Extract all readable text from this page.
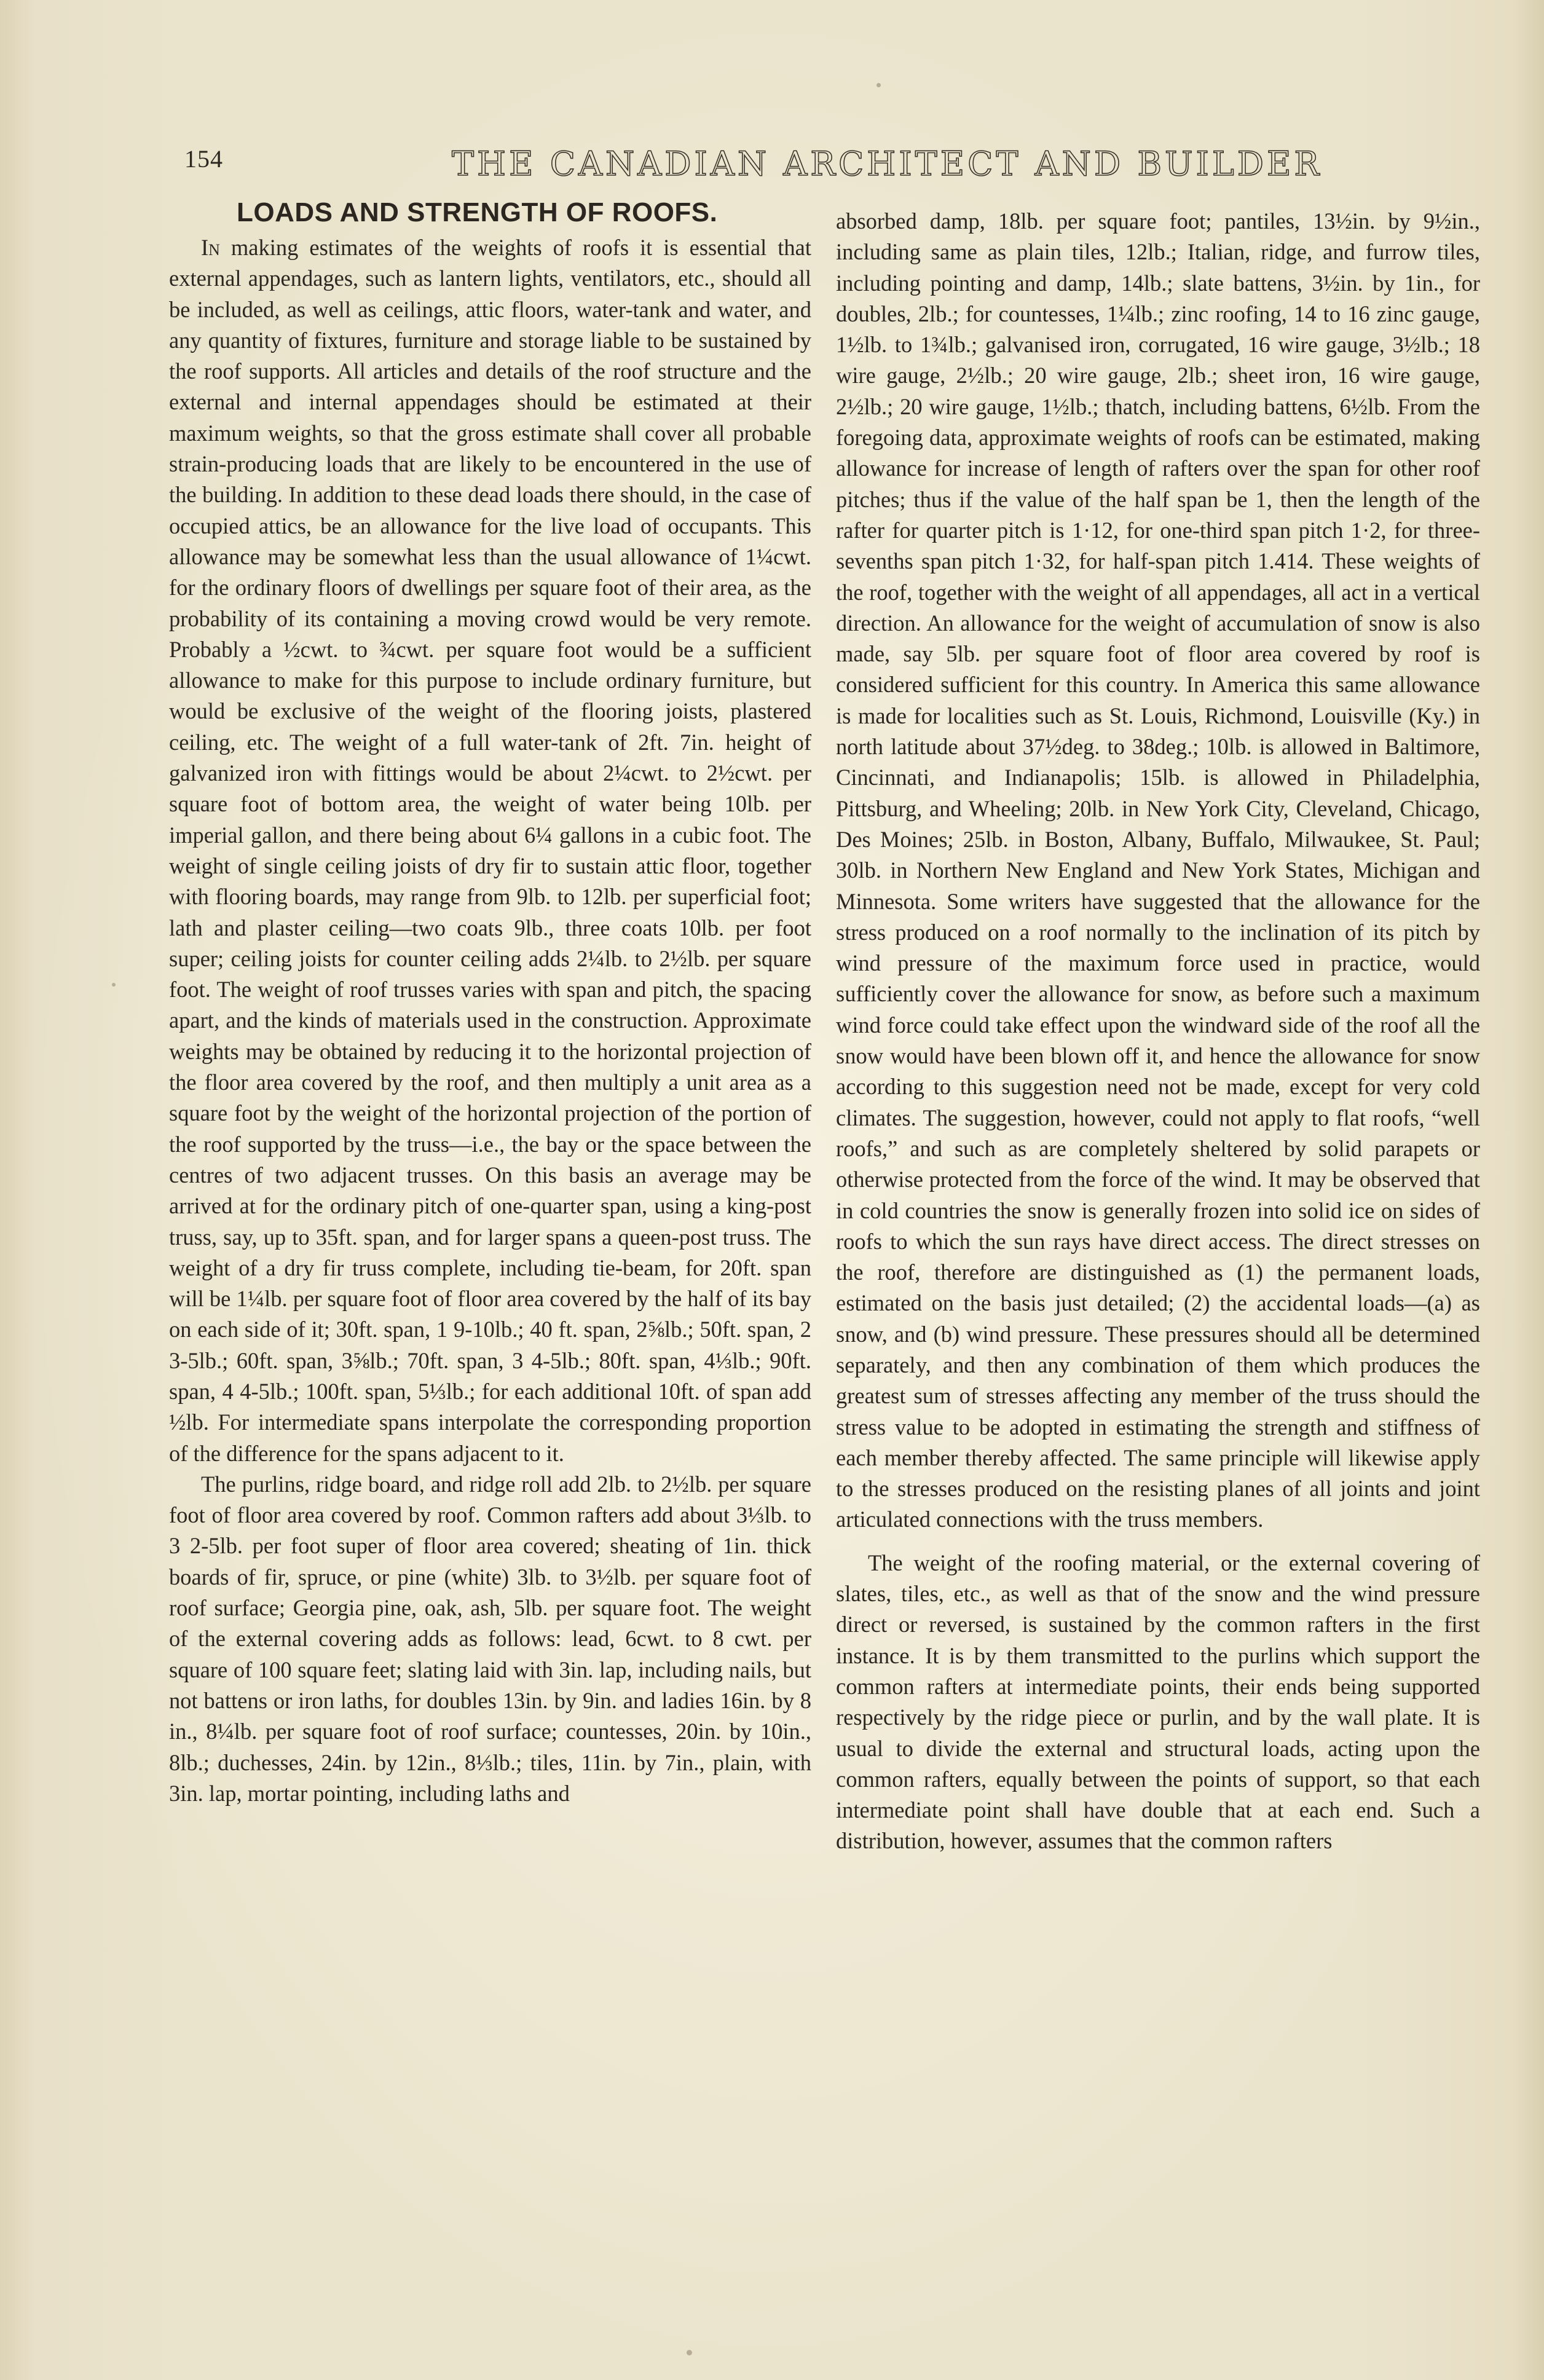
154	THE CANADIAN ARCHITECT AND BUILDER
LOADS AND STRENGTH OF ROOFS.

In making estimates of the weights of roofs it is essential that external appendages, such as lantern lights, ventilators, etc., should all be included, as well as ceilings, attic floors, water-tank and water, and any quantity of fixtures, furniture and storage liable to be sustained by the roof supports. All articles and details of the roof structure and the external and internal appendages should be estimated at their maximum weights, so that the gross estimate shall cover all probable strain-producing loads that are likely to be encountered in the use of the building. In addition to these dead loads there should, in the case of occupied attics, be an allowance for the live load of occupants. This allowance may be somewhat less than the usual allowance of 1¼cwt. for the ordinary floors of dwellings per square foot of their area, as the probability of its containing a moving crowd would be very remote. Probably a ½cwt. to ¾cwt. per square foot would be a sufficient allowance to make for this purpose to include ordinary furniture, but would be exclusive of the weight of the flooring joists, plastered ceiling, etc. The weight of a full water-tank of 2ft. 7in. height of galvanized iron with fittings would be about 2¼cwt. to 2½cwt. per square foot of bottom area, the weight of water being 10lb. per imperial gallon, and there being about 6¼ gallons in a cubic foot. The weight of single ceiling joists of dry fir to sustain attic floor, together with flooring boards, may range from 9lb. to 12lb. per superficial foot; lath and plaster ceiling—two coats 9lb., three coats 10lb. per foot super; ceiling joists for counter ceiling adds 2¼lb. to 2½lb. per square foot. The weight of roof trusses varies with span and pitch, the spacing apart, and the kinds of materials used in the construction. Approximate weights may be obtained by reducing it to the horizontal projection of the floor area covered by the roof, and then multiply a unit area as a square foot by the weight of the horizontal projection of the portion of the roof supported by the truss—i.e., the bay or the space between the centres of two adjacent trusses. On this basis an average may be arrived at for the ordinary pitch of one-quarter span, using a king-post truss, say, up to 35ft. span, and for larger spans a queen-post truss. The weight of a dry fir truss complete, including tie-beam, for 20ft. span will be 1¼lb. per square foot of floor area covered by the half of its bay on each side of it; 30ft. span, 1 9-10lb.; 40 ft. span, 2⅝lb.; 50ft. span, 2 3-5lb.; 60ft. span, 3⅝lb.; 70ft. span, 3 4-5lb.; 80ft. span, 4⅓lb.; 90ft. span, 4 4-5lb.; 100ft. span, 5⅓lb.; for each additional 10ft. of span add ½lb. For intermediate spans interpolate the corresponding proportion of the difference for the spans adjacent to it.

The purlins, ridge board, and ridge roll add 2lb. to 2½lb. per square foot of floor area covered by roof. Common rafters add about 3⅓lb. to 3 2-5lb. per foot super of floor area covered; sheating of 1in. thick boards of fir, spruce, or pine (white) 3lb. to 3½lb. per square foot of roof surface; Georgia pine, oak, ash, 5lb. per square foot. The weight of the external covering adds as follows: lead, 6cwt. to 8 cwt. per square of 100 square feet; slating laid with 3in. lap, including nails, but not battens or iron laths, for doubles 13in. by 9in. and ladies 16in. by 8 in., 8¼lb. per square foot of roof surface; countesses, 20in. by 10in., 8lb.; duchesses, 24in. by 12in., 8⅓lb.; tiles, 11in. by 7in., plain, with 3in. lap, mortar pointing, including laths and

absorbed damp, 18lb. per square foot; pantiles, 13½in. by 9½in., including same as plain tiles, 12lb.; Italian, ridge, and furrow tiles, including pointing and damp, 14lb.; slate battens, 3½in. by 1in., for doubles, 2lb.; for countesses, 1¼lb.; zinc roofing, 14 to 16 zinc gauge, 1½lb. to 1¾lb.; galvanised iron, corrugated, 16 wire gauge, 3½lb.; 18 wire gauge, 2½lb.; 20 wire gauge, 2lb.; sheet iron, 16 wire gauge, 2½lb.; 20 wire gauge, 1½lb.; thatch, including battens, 6½lb. From the foregoing data, approximate weights of roofs can be estimated, making allowance for increase of length of rafters over the span for other roof pitches; thus if the value of the half span be 1, then the length of the rafter for quarter pitch is 1·12, for one-third span pitch 1·2, for three-sevenths span pitch 1·32, for half-span pitch 1.414. These weights of the roof, together with the weight of all appendages, all act in a vertical direction. An allowance for the weight of accumulation of snow is also made, say 5lb. per square foot of floor area covered by roof is considered sufficient for this country. In America this same allowance is made for localities such as St. Louis, Richmond, Louisville (Ky.) in north latitude about 37½deg. to 38deg.; 10lb. is allowed in Baltimore, Cincinnati, and Indianapolis; 15lb. is allowed in Philadelphia, Pittsburg, and Wheeling; 20lb. in New York City, Cleveland, Chicago, Des Moines; 25lb. in Boston, Albany, Buffalo, Milwaukee, St. Paul; 30lb. in Northern New England and New York States, Michigan and Minnesota. Some writers have suggested that the allowance for the stress produced on a roof normally to the inclination of its pitch by wind pressure of the maximum force used in practice, would sufficiently cover the allowance for snow, as before such a maximum wind force could take effect upon the windward side of the roof all the snow would have been blown off it, and hence the allowance for snow according to this suggestion need not be made, except for very cold climates. The suggestion, however, could not apply to flat roofs, “well roofs,” and such as are completely sheltered by solid parapets or otherwise protected from the force of the wind. It may be observed that in cold countries the snow is generally frozen into solid ice on sides of roofs to which the sun rays have direct access. The direct stresses on the roof, therefore are distinguished as (1) the permanent loads, estimated on the basis just detailed; (2) the accidental loads—(a) as snow, and (b) wind pressure. These pressures should all be determined separately, and then any combination of them which produces the greatest sum of stresses affecting any member of the truss should the stress value to be adopted in estimating the strength and stiffness of each member thereby affected. The same principle will likewise apply to the stresses produced on the resisting planes of all joints and joint articulated connections with the truss members.

The weight of the roofing material, or the external covering of slates, tiles, etc., as well as that of the snow and the wind pressure direct or reversed, is sustained by the common rafters in the first instance. It is by them transmitted to the purlins which support the common rafters at intermediate points, their ends being supported respectively by the ridge piece or purlin, and by the wall plate. It is usual to divide the external and structural loads, acting upon the common rafters, equally between the points of support, so that each intermediate point shall have double that at each end. Such a distribution, however, assumes that the common rafters
